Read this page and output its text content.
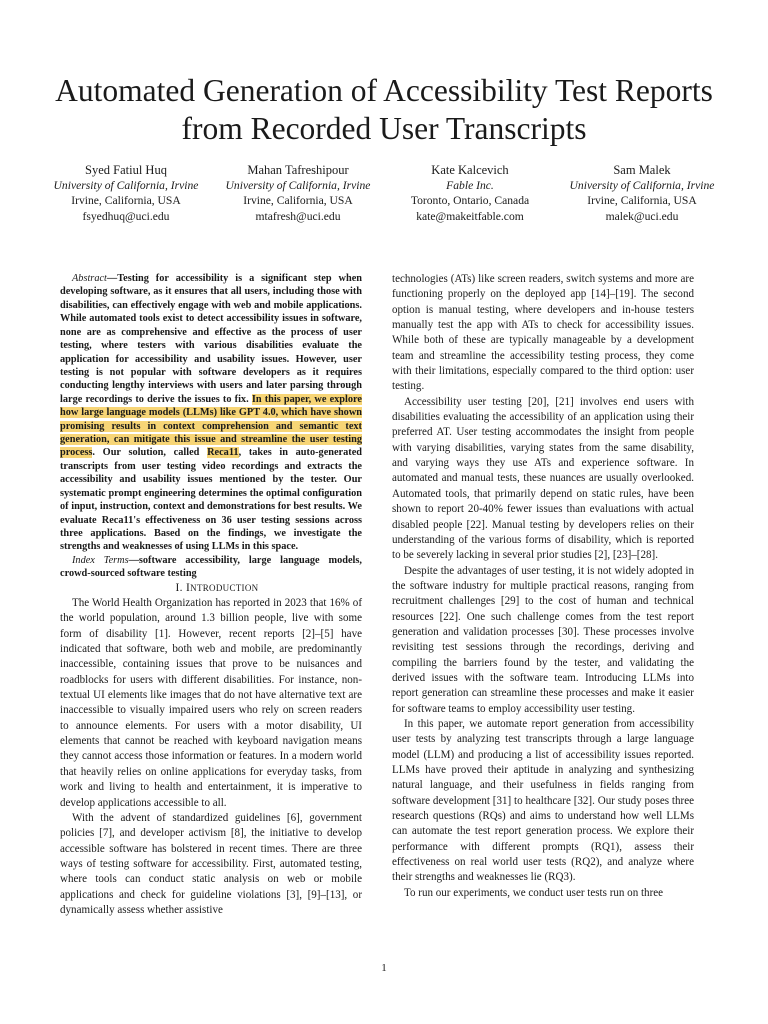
Automated Generation of Accessibility Test Reports
from Recorded User Transcripts
Syed Fatiul Huq
University of California, Irvine
Irvine, California, USA
fsyedhuq@uci.edu
Mahan Tafreshipour
University of California, Irvine
Irvine, California, USA
mtafresh@uci.edu
Kate Kalcevich
Fable Inc.
Toronto, Ontario, Canada
kate@makeitfable.com
Sam Malek
University of California, Irvine
Irvine, California, USA
malek@uci.edu

Abstract—Testing for accessibility is a significant step when developing software, as it ensures that all users, including those with disabilities, can effectively engage with web and mobile applications. While automated tools exist to detect accessibility issues in software, none are as comprehensive and effective as the process of user testing, where testers with various disabilities evaluate the application for accessibility and usability issues. However, user testing is not popular with software developers as it requires conducting lengthy interviews with users and later parsing through large recordings to derive the issues to fix. In this paper, we explore how large language models (LLMs) like GPT 4.0, which have shown promising results in context comprehension and semantic text generation, can mitigate this issue and streamline the user testing process. Our solution, called Reca11, takes in auto-generated transcripts from user testing video recordings and extracts the accessibility and usability issues mentioned by the tester. Our systematic prompt engineering determines the optimal configuration of input, instruction, context and demonstrations for best results. We evaluate Reca11's effectiveness on 36 user testing sessions across three applications. Based on the findings, we investigate the strengths and weaknesses of using LLMs in this space.

Index Terms—software accessibility, large language models, crowd-sourced software testing

I. INTRODUCTION

The World Health Organization has reported in 2023 that 16% of the world population, around 1.3 billion people, live with some form of disability [1]. However, recent reports [2]–[5] have indicated that software, both web and mobile, are predominantly inaccessible, containing issues that prove to be nuisances and roadblocks for users with different disabilities. For instance, non-textual UI elements like images that do not have alternative text are inaccessible to visually impaired users who rely on screen readers to announce elements. For users with a motor disability, UI elements that cannot be reached with keyboard navigation means they cannot access those information or features. In a modern world that heavily relies on online applications for everyday tasks, from work and living to health and entertainment, it is imperative to develop applications accessible to all.

With the advent of standardized guidelines [6], government policies [7], and developer activism [8], the initiative to develop accessible software has bolstered in recent times. There are three ways of testing software for accessibility. First, automated testing, where tools can conduct static analysis on web or mobile applications and check for guideline violations [3], [9]–[13], or dynamically assess whether assistive

technologies (ATs) like screen readers, switch systems and more are functioning properly on the deployed app [14]–[19]. The second option is manual testing, where developers and in-house testers manually test the app with ATs to check for accessibility issues. While both of these are typically manageable by a development team and streamline the accessibility testing process, they come with their limitations, especially compared to the third option: user testing.

Accessibility user testing [20], [21] involves end users with disabilities evaluating the accessibility of an application using their preferred AT. User testing accommodates the insight from people with varying disabilities, varying states from the same disability, and varying ways they use ATs and experience software. In automated and manual tests, these nuances are usually overlooked. Automated tools, that primarily depend on static rules, have been shown to report 20-40% fewer issues than evaluations with actual disabled people [22]. Manual testing by developers relies on their understanding of the various forms of disability, which is reported to be severely lacking in several prior studies [2], [23]–[28].

Despite the advantages of user testing, it is not widely adopted in the software industry for multiple practical reasons, ranging from recruitment challenges [29] to the cost of human and technical resources [22]. One such challenge comes from the test report generation and validation processes [30]. These processes involve revisiting test sessions through the recordings, deriving and compiling the barriers found by the tester, and validating the derived issues with the software team. Introducing LLMs into report generation can streamline these processes and make it easier for software teams to employ accessibility user testing.

In this paper, we automate report generation from accessibility user tests by analyzing test transcripts through a large language model (LLM) and producing a list of accessibility issues reported. LLMs have proved their aptitude in analyzing and synthesizing natural language, and their usefulness in fields ranging from software development [31] to healthcare [32]. Our study poses three research questions (RQs) and aims to understand how well LLMs can automate the test report generation process. We explore their performance with different prompts (RQ1), assess their effectiveness on real world user tests (RQ2), and analyze where their strengths and weaknesses lie (RQ3).

To run our experiments, we conduct user tests run on three

1
